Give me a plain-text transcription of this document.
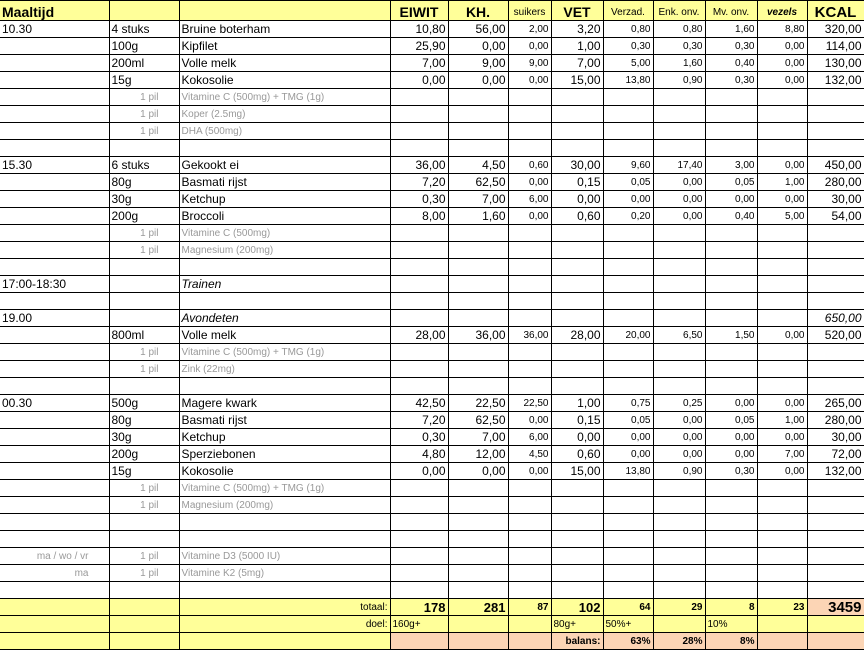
Maaltijd			EIWIT	KH.	suikers	VET	Verzad.	Enk. onv.	Mv. onv.	vezels	KCAL
10.30	4 stuks	Bruine boterham	10,80	56,00	2,00	3,20	0,80	0,80	1,60	8,80	320,00
	100g	Kipfilet	25,90	0,00	0,00	1,00	0,30	0,30	0,30	0,00	114,00
	200ml	Volle melk	7,00	9,00	9,00	7,00	5,00	1,60	0,40	0,00	130,00
	15g	Kokosolie	0,00	0,00	0,00	15,00	13,80	0,90	0,30	0,00	132,00
	1 pil	Vitamine C (500mg) + TMG (1g)									
	1 pil	Koper (2.5mg)									
	1 pil	DHA (500mg)									

15.30	6 stuks	Gekookt ei	36,00	4,50	0,60	30,00	9,60	17,40	3,00	0,00	450,00
	80g	Basmati rijst	7,20	62,50	0,00	0,15	0,05	0,00	0,05	1,00	280,00
	30g	Ketchup	0,30	7,00	6,00	0,00	0,00	0,00	0,00	0,00	30,00
	200g	Broccoli	8,00	1,60	0,00	0,60	0,20	0,00	0,40	5,00	54,00
	1 pil	Vitamine C (500mg)									
	1 pil	Magnesium (200mg)									

17:00-18:30		Trainen									

19.00		Avondeten									650,00
	800ml	Volle melk	28,00	36,00	36,00	28,00	20,00	6,50	1,50	0,00	520,00
	1 pil	Vitamine C (500mg) + TMG (1g)									
	1 pil	Zink (22mg)									

00.30	500g	Magere kwark	42,50	22,50	22,50	1,00	0,75	0,25	0,00	0,00	265,00
	80g	Basmati rijst	7,20	62,50	0,00	0,15	0,05	0,00	0,05	1,00	280,00
	30g	Ketchup	0,30	7,00	6,00	0,00	0,00	0,00	0,00	0,00	30,00
	200g	Sperziebonen	4,80	12,00	4,50	0,60	0,00	0,00	0,00	7,00	72,00
	15g	Kokosolie	0,00	0,00	0,00	15,00	13,80	0,90	0,30	0,00	132,00
	1 pil	Vitamine C (500mg) + TMG (1g)									
	1 pil	Magnesium (200mg)									

ma / wo / vr	1 pil	Vitamine D3 (5000 IU)									
ma	1 pil	Vitamine K2 (5mg)									

		totaal:	178	281	87	102	64	29	8	23	3459
		doel:	160g+			80g+	50%+		10%		
						balans:	63%	28%	8%		
